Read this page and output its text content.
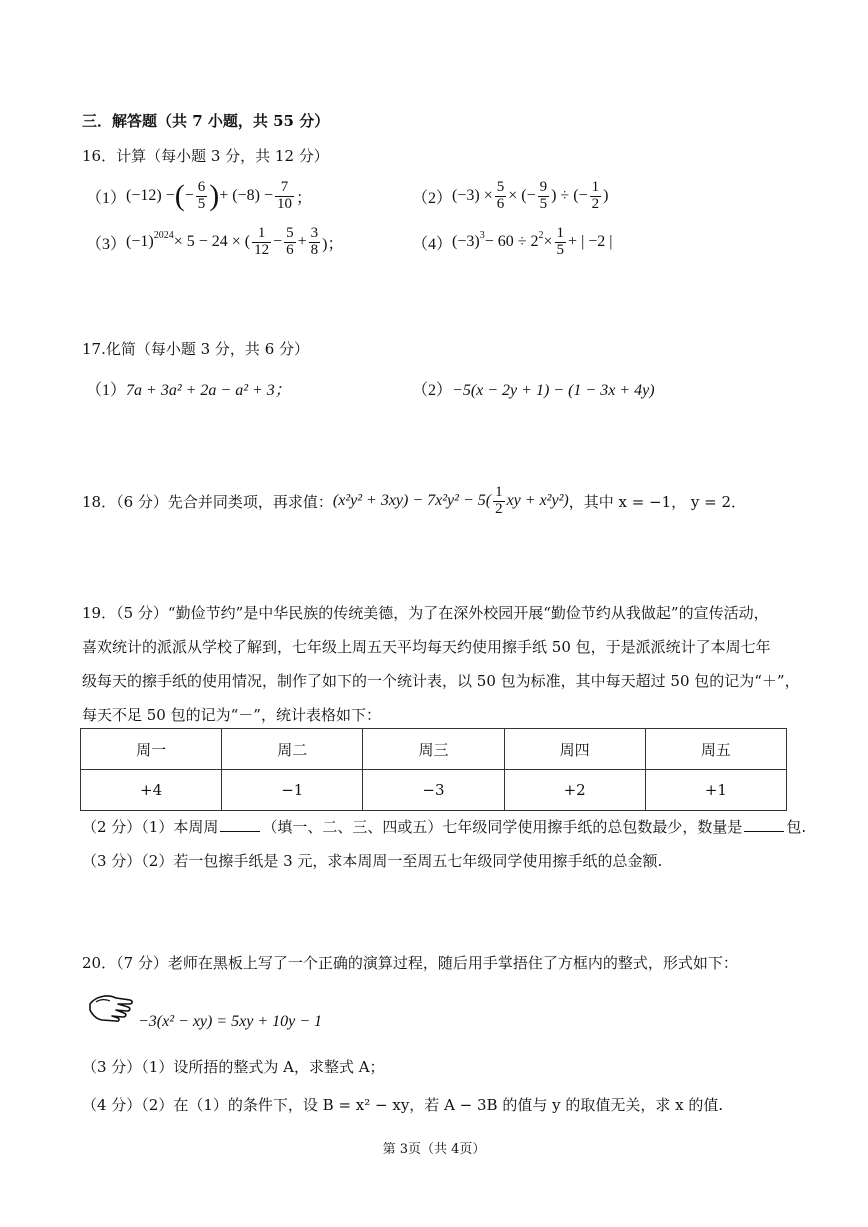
三．解答题（共 7 小题，共 55 分）
16．计算（每小题 3 分，共 12 分）
（1） (−12) − ( − $\frac{6}{5}$ ) + $(-8) - \frac{7}{10}$ ；	（2） $(-3) \times \frac{5}{6}$ × (− $\frac{9}{5}$ ) ÷ (− $\frac{1}{2}$ )
（3） $(-1)^{2024} \times 5 - 24$ × ( $\frac{1}{12} - \frac{5}{6} + \frac{3}{8}$ )；	（4） $(-3)^3 - 60 \div 2^2 \times \frac{1}{5}$ + | −2 |
17.化简（每小题 3 分，共 6 分）
（1）7a + 3a² + 2a − a² + 3；	（2）−5(x − 2y + 1) − (1 − 3x + 4y)
18．（6 分）先合并同类项，再求值： $(x^2y^2 + 3xy) - 7x^2y^2 - 5( \frac{1}{2}$ xy + x²y²) ，其中 x = −1， y = 2．
19．（5 分）“勤俭节约”是中华民族的传统美德，为了在深外校园开展“勤俭节约从我做起”的宣传活动，
喜欢统计的派派从学校了解到，七年级上周五天平均每天约使用擦手纸 50 包，于是派派统计了本周七年
级每天的擦手纸的使用情况，制作了如下的一个统计表，以 50 包为标准，其中每天超过 50 包的记为“＋”，
每天不足 50 包的记为“－”，统计表格如下：
周一	周二	周三	周四	周五
+4	−1	−3	+2	+1
（2 分）（1）本周周	（填一、二、三、四或五）七年级同学使用擦手纸的总包数最少，数量是	包.
（3 分）（2）若一包擦手纸是 3 元，求本周周一至周五七年级同学使用擦手纸的总金额.
20．（7 分）老师在黑板上写了一个正确的演算过程，随后用手掌捂住了方框内的整式，形式如下：
−3(x² − xy) = 5xy + 10y − 1
（3 分）（1）设所捂的整式为 A，求整式 A；
（4 分）（2）在（1）的条件下，设 B = x² − xy，若 A − 3B 的值与 y 的取值无关，求 x 的值.
第 3页（共 4页）
